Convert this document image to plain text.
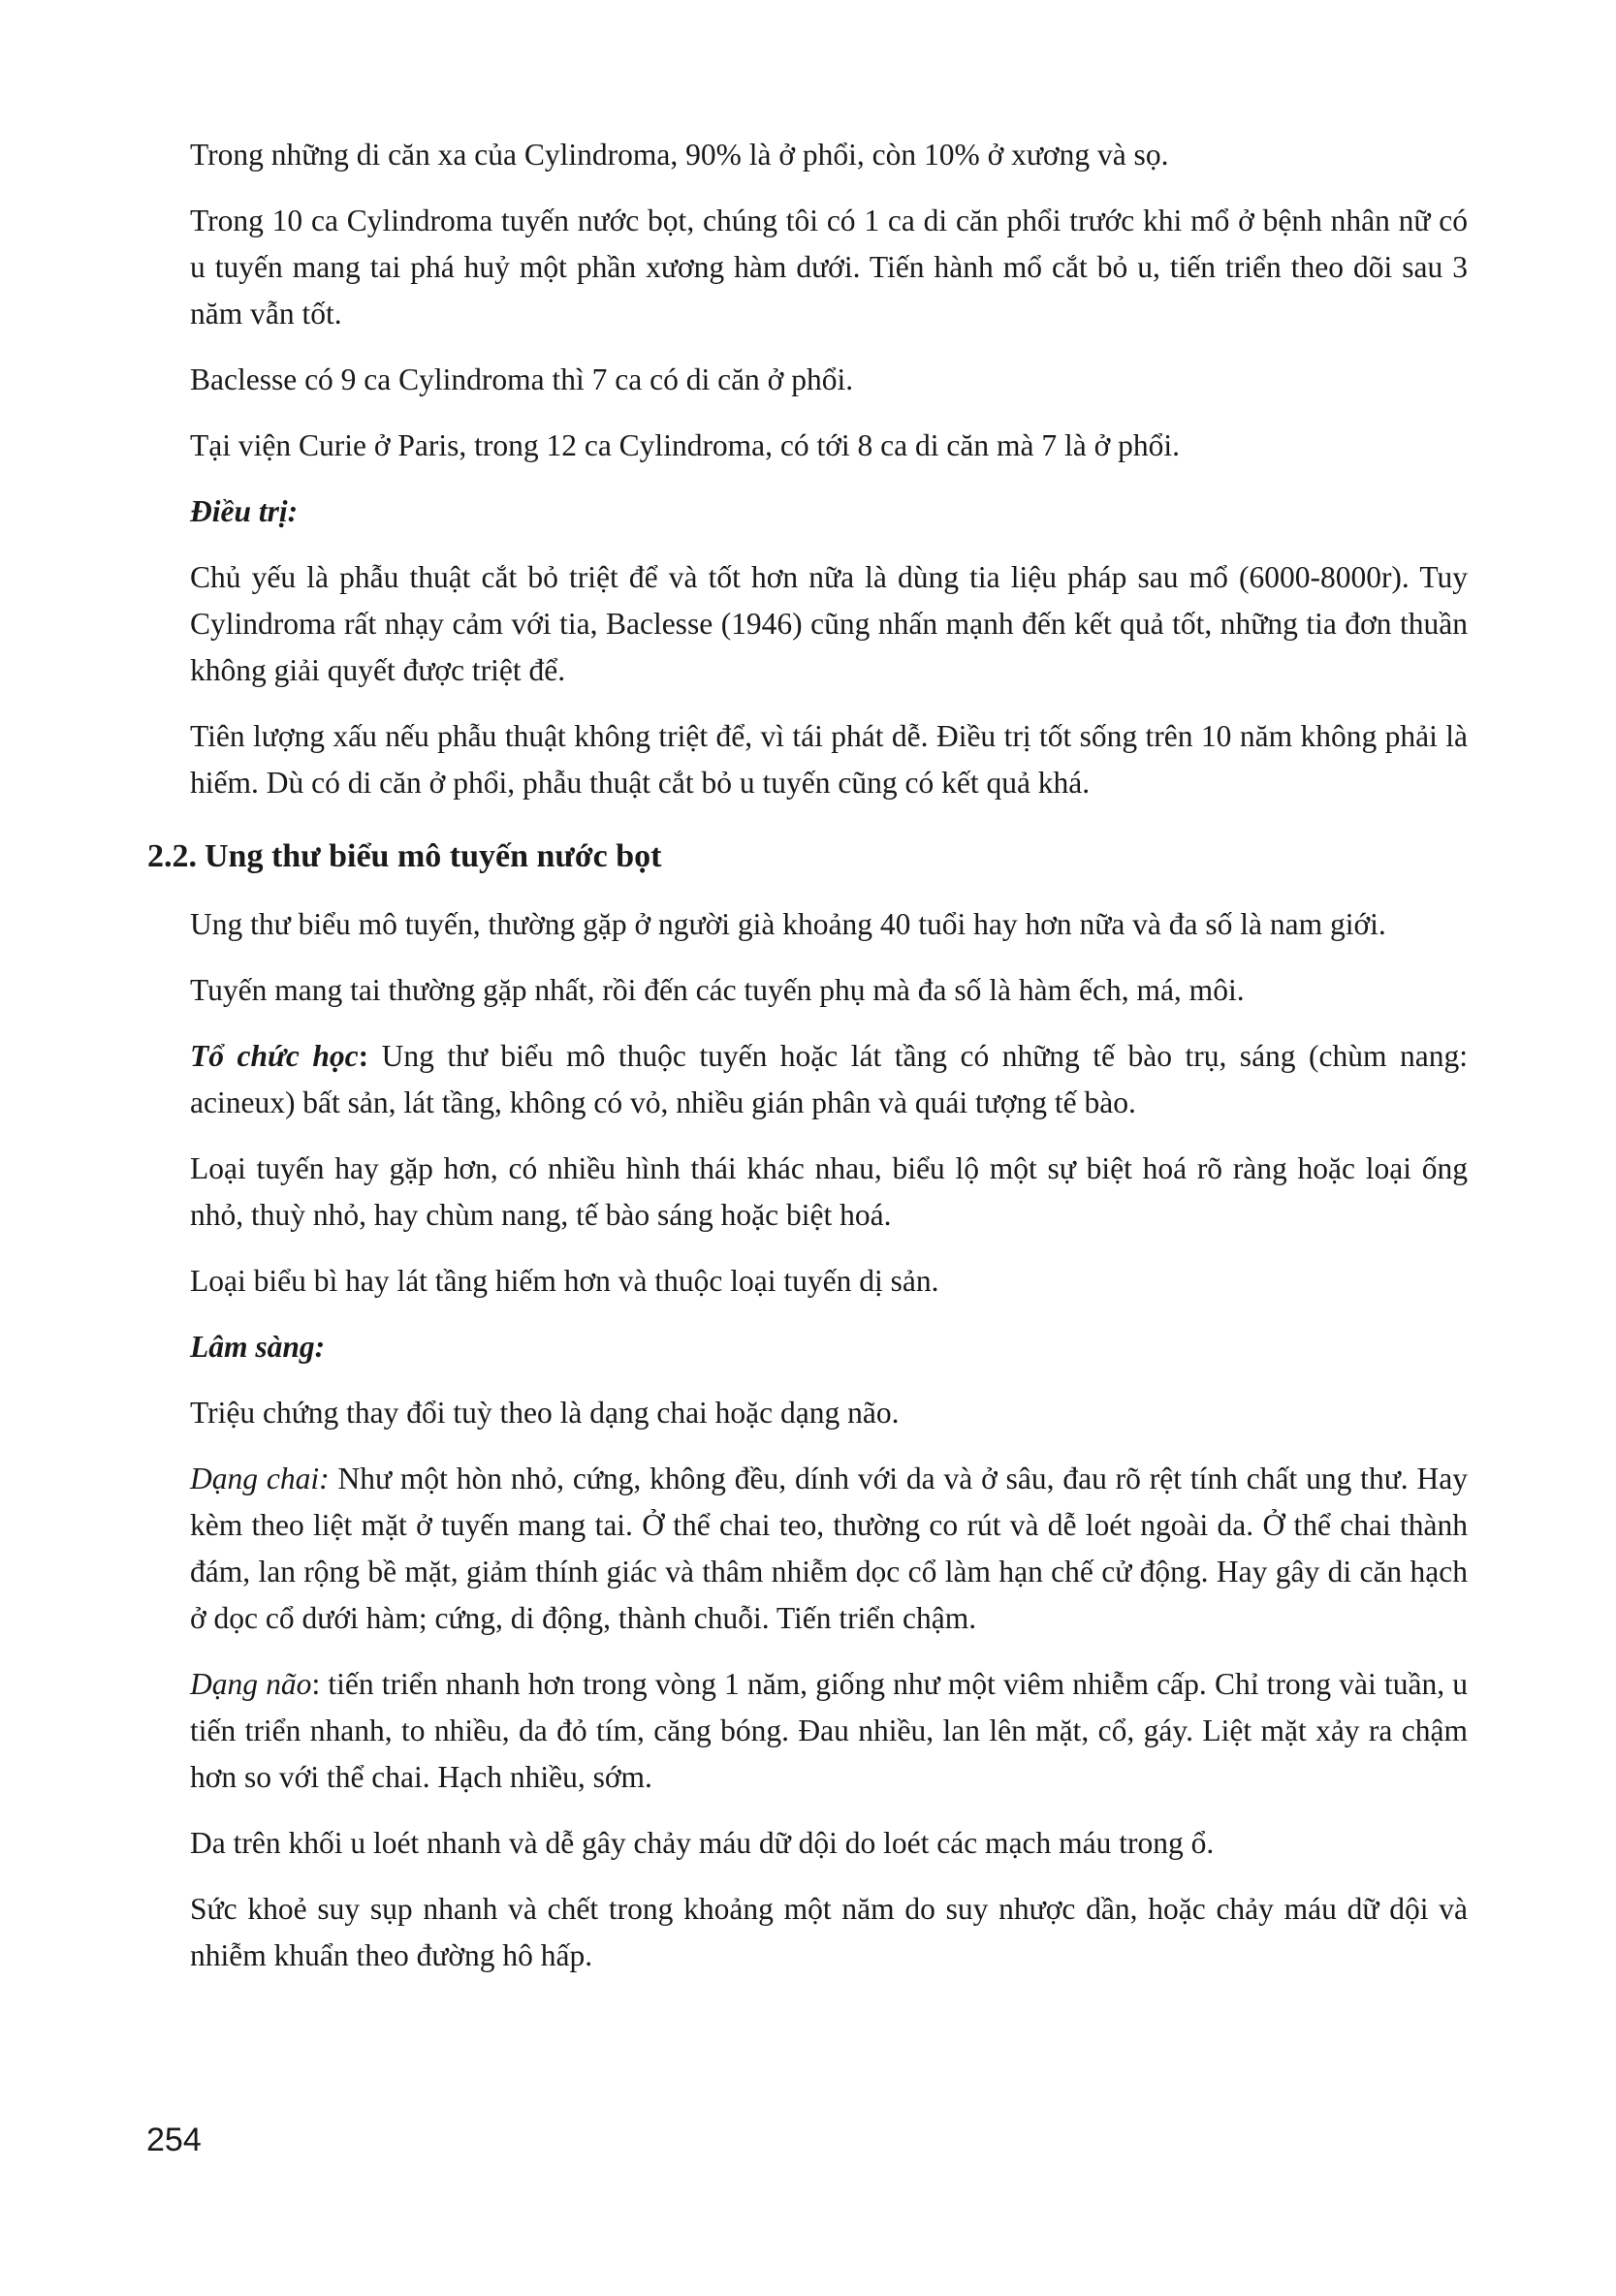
Trong những di căn xa của Cylindroma, 90% là ở phổi, còn 10% ở xương và sọ.

Trong 10 ca Cylindroma tuyến nước bọt, chúng tôi có 1 ca di căn phổi trước khi mổ ở bệnh nhân nữ có u tuyến mang tai phá huỷ một phần xương hàm dưới. Tiến hành mổ cắt bỏ u, tiến triển theo dõi sau 3 năm vẫn tốt.

Baclesse có 9 ca Cylindroma thì 7 ca có di căn ở phổi.

Tại viện Curie ở Paris, trong 12 ca Cylindroma, có tới 8 ca di căn mà 7 là ở phổi.

Điều trị:

Chủ yếu là phẫu thuật cắt bỏ triệt để và tốt hơn nữa là dùng tia liệu pháp sau mổ (6000-8000r). Tuy Cylindroma rất nhạy cảm với tia, Baclesse (1946) cũng nhấn mạnh đến kết quả tốt, những tia đơn thuần không giải quyết được triệt để.

Tiên lượng xấu nếu phẫu thuật không triệt để, vì tái phát dễ. Điều trị tốt sống trên 10 năm không phải là hiếm. Dù có di căn ở phổi, phẫu thuật cắt bỏ u tuyến cũng có kết quả khá.

2.2. Ung thư biểu mô tuyến nước bọt

Ung thư biểu mô tuyến, thường gặp ở người già khoảng 40 tuổi hay hơn nữa và đa số là nam giới.

Tuyến mang tai thường gặp nhất, rồi đến các tuyến phụ mà đa số là hàm ếch, má, môi.

Tổ chức học: Ung thư biểu mô thuộc tuyến hoặc lát tầng có những tế bào trụ, sáng (chùm nang: acineux) bất sản, lát tầng, không có vỏ, nhiều gián phân và quái tượng tế bào.

Loại tuyến hay gặp hơn, có nhiều hình thái khác nhau, biểu lộ một sự biệt hoá rõ ràng hoặc loại ống nhỏ, thuỳ nhỏ, hay chùm nang, tế bào sáng hoặc biệt hoá.

Loại biểu bì hay lát tầng hiếm hơn và thuộc loại tuyến dị sản.

Lâm sàng:

Triệu chứng thay đổi tuỳ theo là dạng chai hoặc dạng não.

Dạng chai: Như một hòn nhỏ, cứng, không đều, dính với da và ở sâu, đau rõ rệt tính chất ung thư. Hay kèm theo liệt mặt ở tuyến mang tai. Ở thể chai teo, thường co rút và dễ loét ngoài da. Ở thể chai thành đám, lan rộng bề mặt, giảm thính giác và thâm nhiễm dọc cổ làm hạn chế cử động. Hay gây di căn hạch ở dọc cổ dưới hàm; cứng, di động, thành chuỗi. Tiến triển chậm.

Dạng não: tiến triển nhanh hơn trong vòng 1 năm, giống như một viêm nhiễm cấp. Chỉ trong vài tuần, u tiến triển nhanh, to nhiều, da đỏ tím, căng bóng. Đau nhiều, lan lên mặt, cổ, gáy. Liệt mặt xảy ra chậm hơn so với thể chai. Hạch nhiều, sớm.

Da trên khối u loét nhanh và dễ gây chảy máu dữ dội do loét các mạch máu trong ổ.

Sức khoẻ suy sụp nhanh và chết trong khoảng một năm do suy nhược dần, hoặc chảy máu dữ dội và nhiễm khuẩn theo đường hô hấp.

254
